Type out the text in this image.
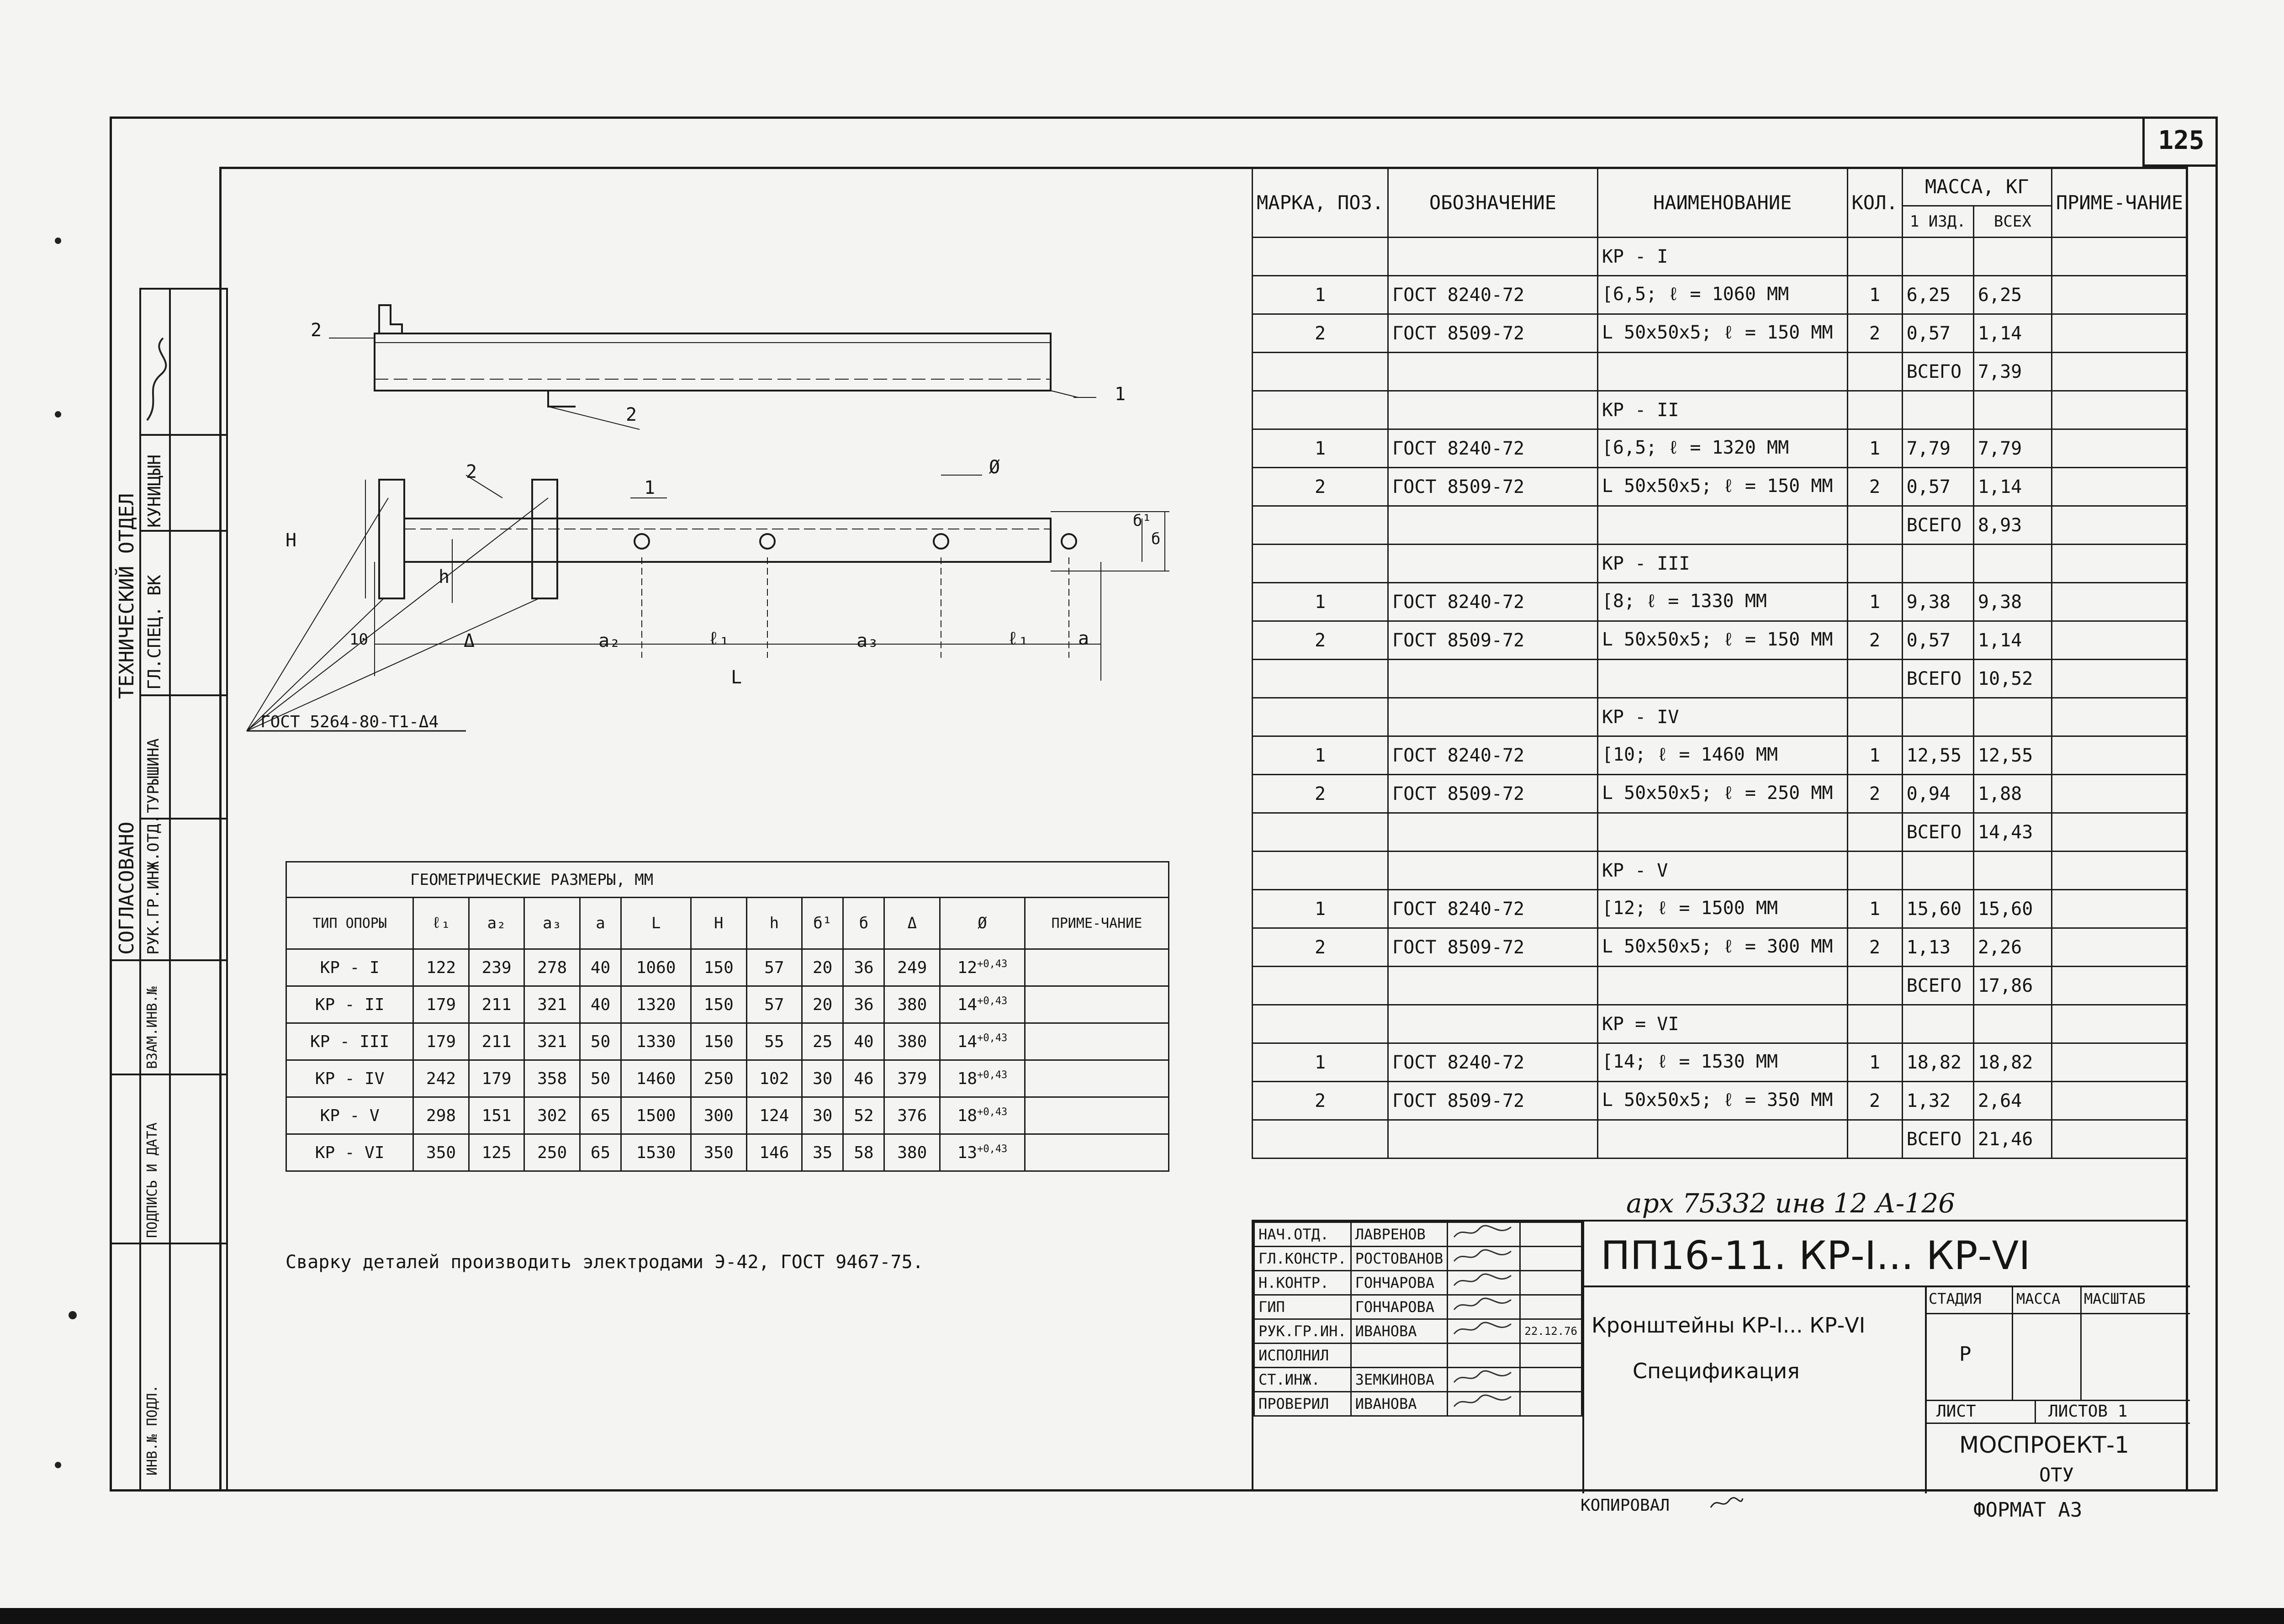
125
ТЕХНИЧЕСКИЙ ОТДЕЛ ГЛ.СПЕЦ. ВК
КУНИЦЫН
СОГЛАСОВАНО РУК.ГР.ИНЖ.ОТД.
ТУРЫШИНА
ВЗАМ.ИНВ.№
ПОДПИСЬ И ДАТА
ИНВ.№ ПОДЛ.
2
2
1
2
1
Ø
Н
h
б¹
б
10	Δ	а₂	ℓ₁	а₃	ℓ₁	а
L
ГОСТ 5264-80-Т1-Δ4
ГЕОМЕТРИЧЕСКИЕ РАЗМЕРЫ, ММ												
ТИП ОПОРЫ	ℓ₁	а₂	а₃	а	L	Н	h	б¹	б	Δ	Ø	ПРИМЕ-ЧАНИЕ
КР - I	122	239	278	40	1060	150	57	20	36	249	$12^{+0,43}$	
КР - II	179	211	321	40	1320	150	57	20	36	380	$14^{+0,43}$	
КР - III	179	211	321	50	1330	150	55	25	40	380	$14^{+0,43}$	
КР - IV	242	179	358	50	1460	250	102	30	46	379	$18^{+0,43}$	
КР - V	298	151	302	65	1500	300	124	30	52	376	$18^{+0,43}$	
КР - VI	350	125	250	65	1530	350	146	35	58	380	$13^{+0,43}$	
Сварку деталей производить электродами Э-42, ГОСТ 9467-75.
МАРКА, ПОЗ.	ОБОЗНАЧЕНИЕ	НАИМЕНОВАНИЕ	КОЛ.	МАССА, КГ		ПРИМЕ-ЧАНИЕ
				1 ИЗД.	ВСЕХ	
		КР - I				
1	ГОСТ 8240-72	[6,5; ℓ = 1060 ММ	1	6,25	6,25	
2	ГОСТ 8509-72	L 50x50x5; ℓ = 150 ММ	2	0,57	1,14	
				ВСЕГО	7,39	
		КР - II				
1	ГОСТ 8240-72	[6,5; ℓ = 1320 ММ	1	7,79	7,79	
2	ГОСТ 8509-72	L 50x50x5; ℓ = 150 ММ	2	0,57	1,14	
				ВСЕГО	8,93	
		КР - III				
1	ГОСТ 8240-72	[8; ℓ = 1330 ММ	1	9,38	9,38	
2	ГОСТ 8509-72	L 50x50x5; ℓ = 150 ММ	2	0,57	1,14	
				ВСЕГО	10,52	
		КР - IV				
1	ГОСТ 8240-72	[10; ℓ = 1460 ММ	1	12,55	12,55	
2	ГОСТ 8509-72	L 50x50x5; ℓ = 250 ММ	2	0,94	1,88	
				ВСЕГО	14,43	
		КР - V				
1	ГОСТ 8240-72	[12; ℓ = 1500 ММ	1	15,60	15,60	
2	ГОСТ 8509-72	L 50x50x5; ℓ = 300 ММ	2	1,13	2,26	
				ВСЕГО	17,86	
		КР = VI				
1	ГОСТ 8240-72	[14; ℓ = 1530 ММ	1	18,82	18,82	
2	ГОСТ 8509-72	L 50x50x5; ℓ = 350 ММ	2	1,32	2,64	
				ВСЕГО	21,46	
арх 75332 инв 12 А-126
НАЧ.ОТД.	ЛАВРЕНОВ		
ГЛ.КОНСТР.	РОСТОВАНОВ		
Н.КОНТР.	ГОНЧАРОВА		
ГИП	ГОНЧАРОВА		
РУК.ГР.ИН.	ИВАНОВА		22.12.76
ИСПОЛНИЛ			
СТ.ИНЖ.	ЗЕМКИНОВА		
ПРОВЕРИЛ	ИВАНОВА		
ПП16-11. КР-I... КР-VI
Кронштейны КР-I... КР-VI
Спецификация
СТАДИЯ МАССА МАСШТАБ
Р
ЛИСТ	ЛИСТОВ 1
МОСПРОЕКТ-1
ОТУ
КОПИРОВАЛ	ФОРМАТ А3
